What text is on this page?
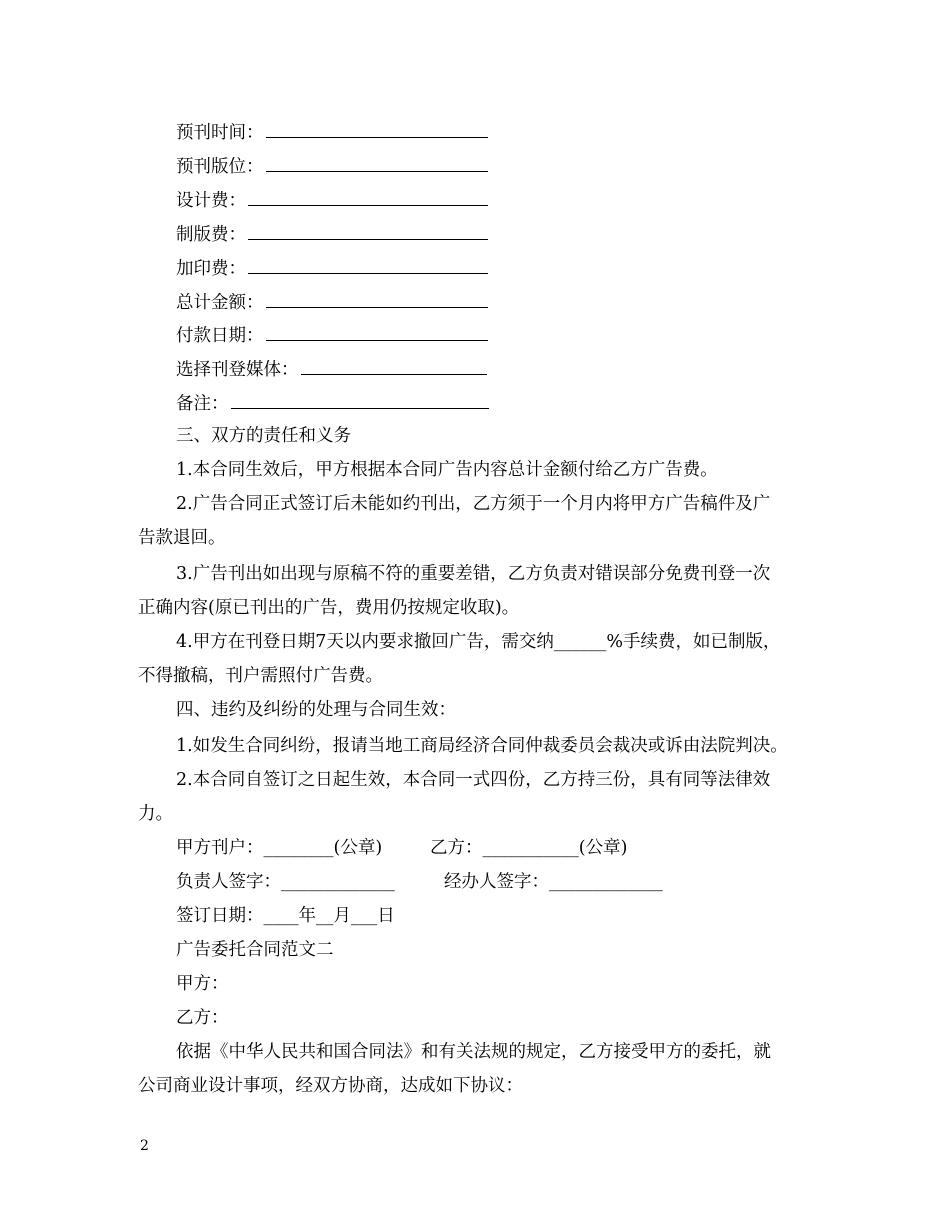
预刊时间：
预刊版位：
设计费：
制版费：
加印费：
总计金额：
付款日期：
选择刊登媒体：
备注：
三、双方的责任和义务
1.本合同生效后，甲方根据本合同广告内容总计金额付给乙方广告费。
2.广告合同正式签订后未能如约刊出，乙方须于一个月内将甲方广告稿件及广
告款退回。
3.广告刊出如出现与原稿不符的重要差错，乙方负责对错误部分免费刊登一次
正确内容(原已刊出的广告，费用仍按规定收取)。
4.甲方在刊登日期7天以内要求撤回广告，需交纳______%手续费，如已制版，
不得撤稿，刊户需照付广告费。
四、违约及纠纷的处理与合同生效：
1.如发生合同纠纷，报请当地工商局经济合同仲裁委员会裁决或诉由法院判决。
2.本合同自签订之日起生效，本合同一式四份，乙方持三份，具有同等法律效
力。
甲方刊户：________(公章)	乙方：___________(公章)
负责人签字：_____________	经办人签字：_____________
签订日期：____年__月___日
广告委托合同范文二
甲方：
乙方：
依据《中华人民共和国合同法》和有关法规的规定，乙方接受甲方的委托，就
公司商业设计事项，经双方协商，达成如下协议：
2
